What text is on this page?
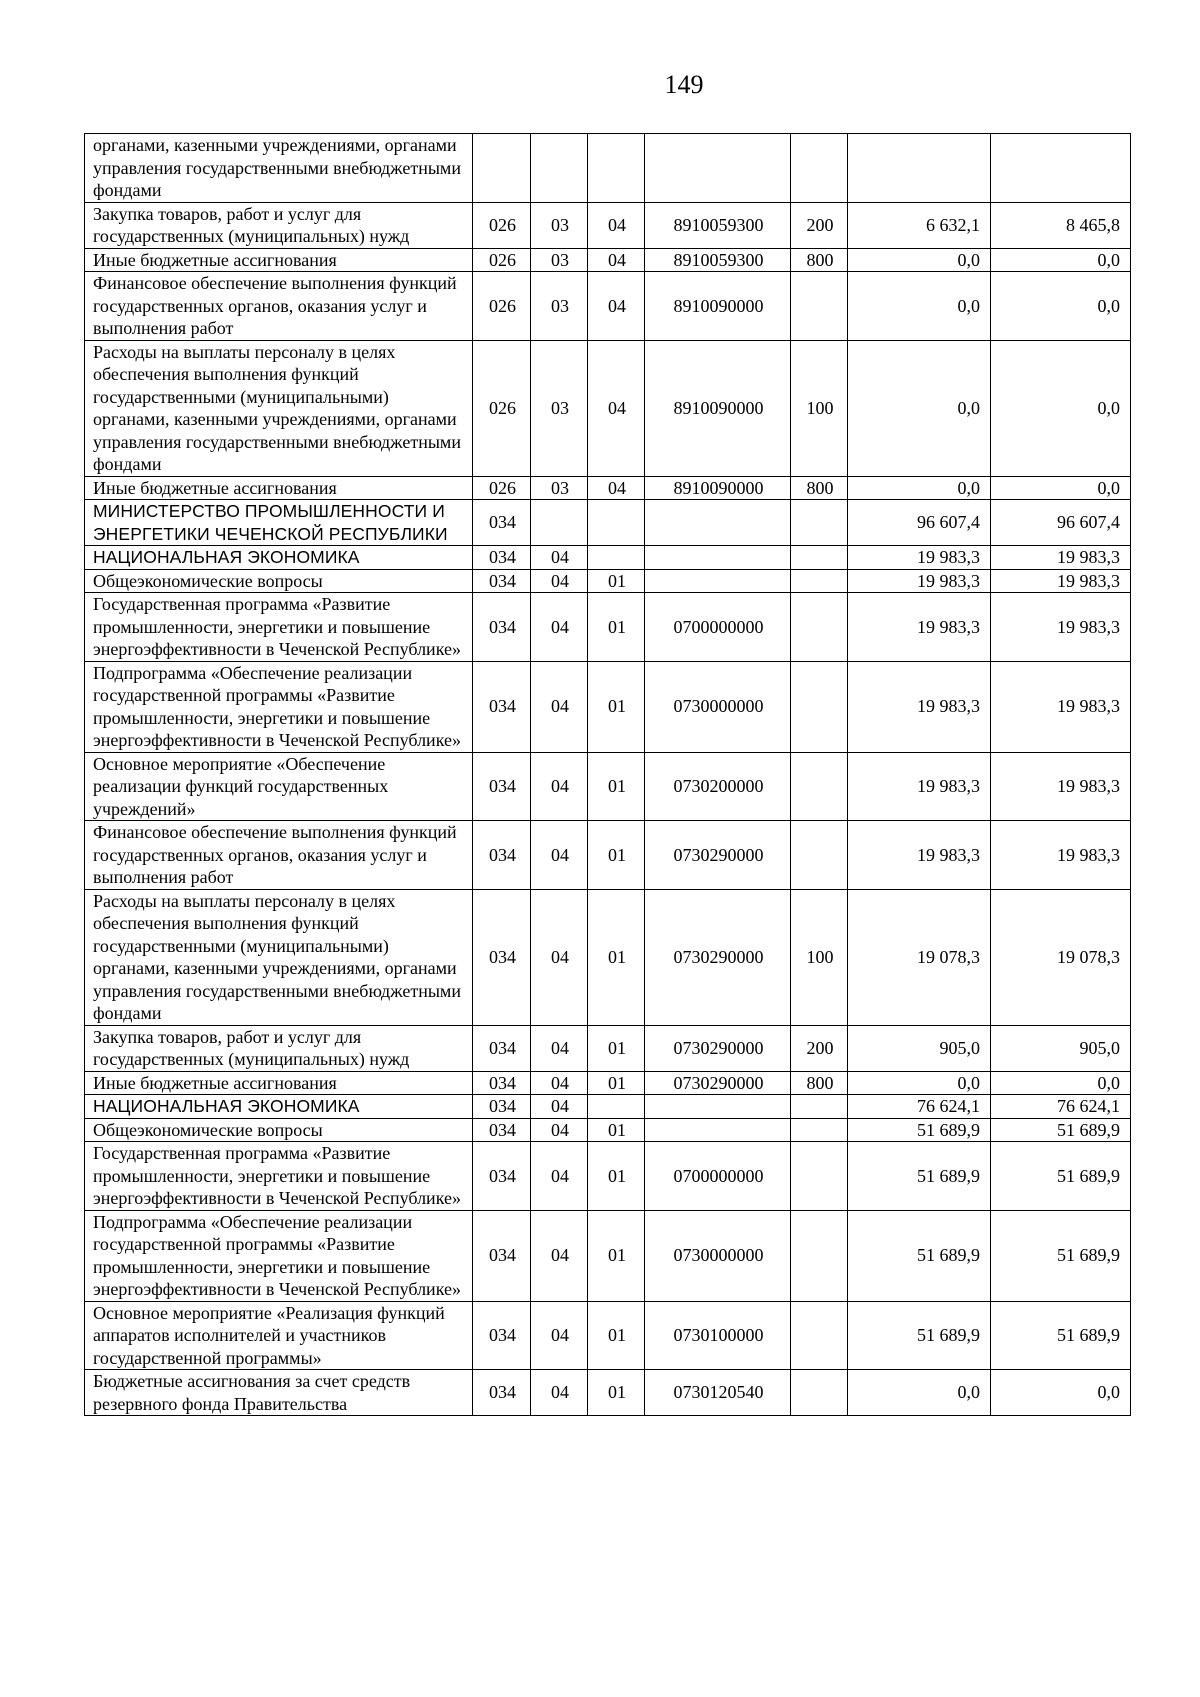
149
органами, казенными учреждениями, органами управления государственными внебюджетными фондами							
Закупка товаров, работ и услуг для государственных (муниципальных) нужд	026	03	04	8910059300	200	6 632,1	8 465,8
Иные бюджетные ассигнования	026	03	04	8910059300	800	0,0	0,0
Финансовое обеспечение выполнения функций государственных органов, оказания услуг и выполнения работ	026	03	04	8910090000		0,0	0,0
Расходы на выплаты персоналу в целях обеспечения выполнения функций государственными (муниципальными) органами, казенными учреждениями, органами управления государственными внебюджетными фондами	026	03	04	8910090000	100	0,0	0,0
Иные бюджетные ассигнования	026	03	04	8910090000	800	0,0	0,0
МИНИСТЕРСТВО ПРОМЫШЛЕННОСТИ И ЭНЕРГЕТИКИ ЧЕЧЕНСКОЙ РЕСПУБЛИКИ	034					96 607,4	96 607,4
НАЦИОНАЛЬНАЯ ЭКОНОМИКА	034	04				19 983,3	19 983,3
Общеэкономические вопросы	034	04	01			19 983,3	19 983,3
Государственная программа «Развитие промышленности, энергетики и повышение энергоэффективности в Чеченской Республике»	034	04	01	0700000000		19 983,3	19 983,3
Подпрограмма «Обеспечение реализации государственной программы «Развитие промышленности, энергетики и повышение энергоэффективности в Чеченской Республике»	034	04	01	0730000000		19 983,3	19 983,3
Основное мероприятие «Обеспечение реализации функций государственных учреждений»	034	04	01	0730200000		19 983,3	19 983,3
Финансовое обеспечение выполнения функций государственных органов, оказания услуг и выполнения работ	034	04	01	0730290000		19 983,3	19 983,3
Расходы на выплаты персоналу в целях обеспечения выполнения функций государственными (муниципальными) органами, казенными учреждениями, органами управления государственными внебюджетными фондами	034	04	01	0730290000	100	19 078,3	19 078,3
Закупка товаров, работ и услуг для государственных (муниципальных) нужд	034	04	01	0730290000	200	905,0	905,0
Иные бюджетные ассигнования	034	04	01	0730290000	800	0,0	0,0
НАЦИОНАЛЬНАЯ ЭКОНОМИКА	034	04				76 624,1	76 624,1
Общеэкономические вопросы	034	04	01			51 689,9	51 689,9
Государственная программа «Развитие промышленности, энергетики и повышение энергоэффективности в Чеченской Республике»	034	04	01	0700000000		51 689,9	51 689,9
Подпрограмма «Обеспечение реализации государственной программы «Развитие промышленности, энергетики и повышение энергоэффективности в Чеченской Республике»	034	04	01	0730000000		51 689,9	51 689,9
Основное мероприятие «Реализация функций аппаратов исполнителей и участников государственной программы»	034	04	01	0730100000		51 689,9	51 689,9
Бюджетные ассигнования за счет средств резервного фонда Правительства	034	04	01	0730120540		0,0	0,0
